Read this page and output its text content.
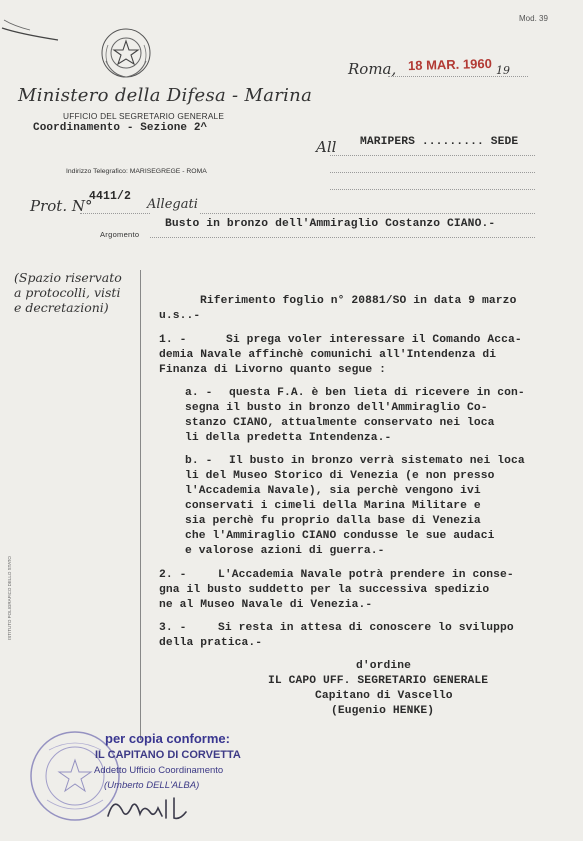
Mod. 39
Ministero della Difesa - Marina
UFFICIO DEL SEGRETARIO GENERALE
Coordinamento - Sezione 2^
Indirizzo Telegrafico: MARISEGREGE - ROMA
Roma, 18 MAR. 1960 19
All MARIPERS ......... SEDE
Prot. N°
4411/2
Allegati
Busto in bronzo dell'Ammiraglio Costanzo CIANO.-
Argomento
(Spazio riservato
a protocolli, visti
e decretazioni)
ISTITUTO POLIGRAFICO DELLO STATO
Riferimento foglio n° 20881/SO in data 9 marzo
u.s..-
1. -	Si prega voler interessare il Comando Acca-
demia Navale affinchè comunichi all'Intendenza di
Finanza di Livorno quanto segue :
a. - questa F.A. è ben lieta di ricevere in con-
segna il busto in bronzo dell'Ammiraglio Co-
stanzo CIANO, attualmente conservato nei loca
li della predetta Intendenza.-
b. - Il busto in bronzo verrà sistemato nei loca
li del Museo Storico di Venezia (e non presso
l'Accademia Navale), sia perchè vengono ivi
conservati i cimeli della Marina Militare e
sia perchè fu proprio dalla base di Venezia
che l'Ammiraglio CIANO condusse le sue audaci
e valorose azioni di guerra.-
2. -	L'Accademia Navale potrà prendere in conse-
gna il busto suddetto per la successiva spedizio
ne al Museo Navale di Venezia.-
3. -	Si resta in attesa di conoscere lo sviluppo
della pratica.-
d'ordine
IL CAPO UFF. SEGRETARIO GENERALE
Capitano di Vascello
(Eugenio HENKE)
per copia conforme:
IL CAPITANO DI CORVETTA
Addetto Ufficio Coordinamento
(Umberto DELL'ALBA)
